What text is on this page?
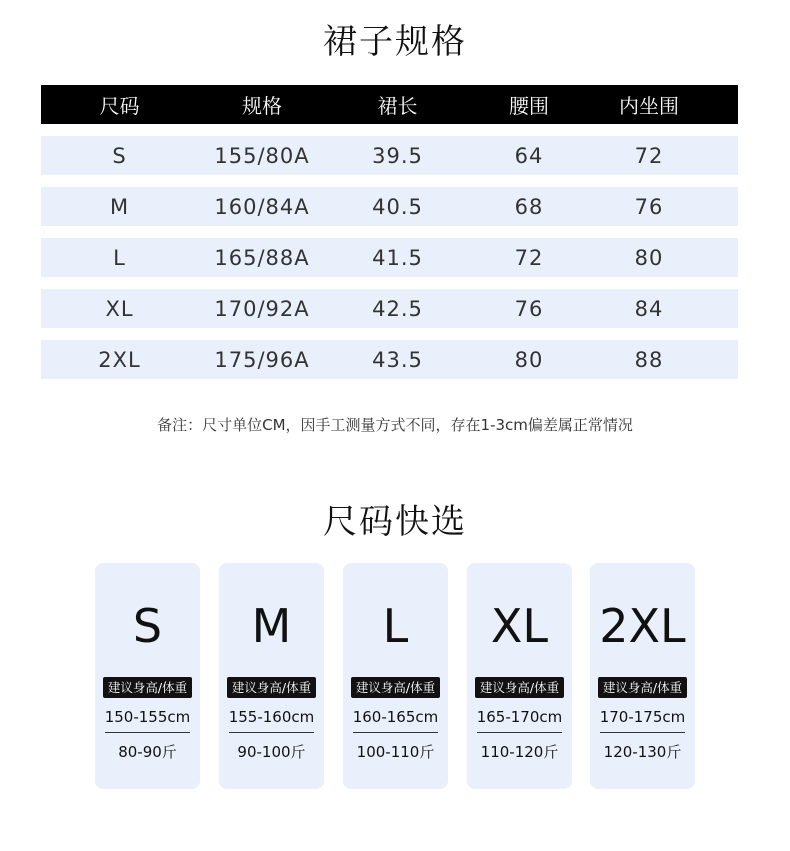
裙子规格
尺码	规格	裙长	腰围	内坐围
S	155/80A	39.5	64	72
M	160/84A	40.5	68	76
L	165/88A	41.5	72	80
XL	170/92A	42.5	76	84
2XL	175/96A	43.5	80	88
备注：尺寸单位CM，因手工测量方式不同，存在1-3cm偏差属正常情况
尺码快选
S
建议身高/体重
150-155cm
80-90斤
M
建议身高/体重
155-160cm
90-100斤
L
建议身高/体重
160-165cm
100-110斤
XL
建议身高/体重
165-170cm
110-120斤
2XL
建议身高/体重
170-175cm
120-130斤
